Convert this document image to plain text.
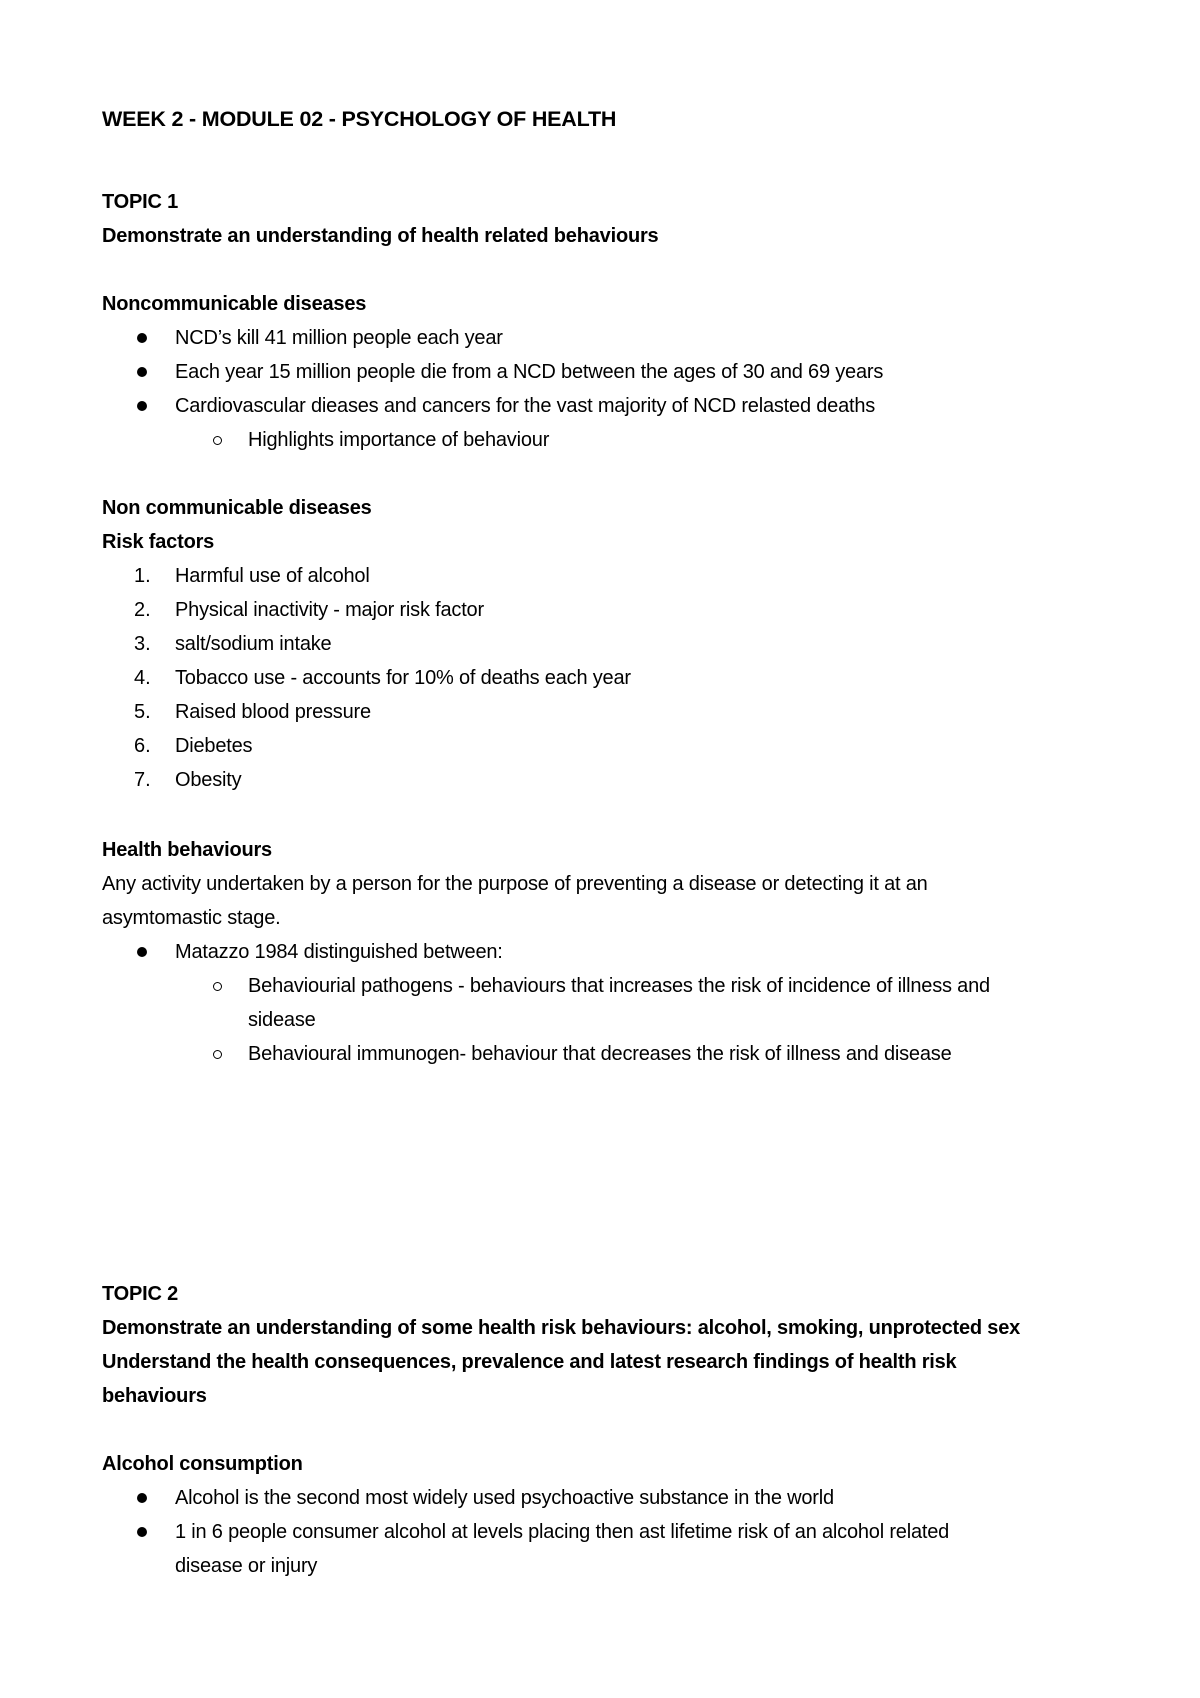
WEEK 2 - MODULE 02 - PSYCHOLOGY OF HEALTH
TOPIC 1
Demonstrate an understanding of health related behaviours
Noncommunicable diseases
NCD’s kill 41 million people each year
Each year 15 million people die from a NCD between the ages of 30 and 69 years
Cardiovascular dieases and cancers for the vast majority of NCD relasted deaths
Highlights importance of behaviour
Non communicable diseases
Risk factors
1.	Harmful use of alcohol
2.	Physical inactivity - major risk factor
3.	salt/sodium intake
4.	Tobacco use - accounts for 10% of deaths each year
5.	Raised blood pressure
6.	Diebetes
7.	Obesity
Health behaviours
Any activity undertaken by a person for the purpose of preventing a disease or detecting it at an
asymtomastic stage.
Matazzo 1984 distinguished between:
Behaviourial pathogens - behaviours that increases the risk of incidence of illness and
sidease
Behavioural immunogen- behaviour that decreases the risk of illness and disease
TOPIC 2
Demonstrate an understanding of some health risk behaviours: alcohol, smoking, unprotected sex
Understand the health consequences, prevalence and latest research findings of health risk
behaviours
Alcohol consumption
Alcohol is the second most widely used psychoactive substance in the world
1 in 6 people consumer alcohol at levels placing then ast lifetime risk of an alcohol related
disease or injury
